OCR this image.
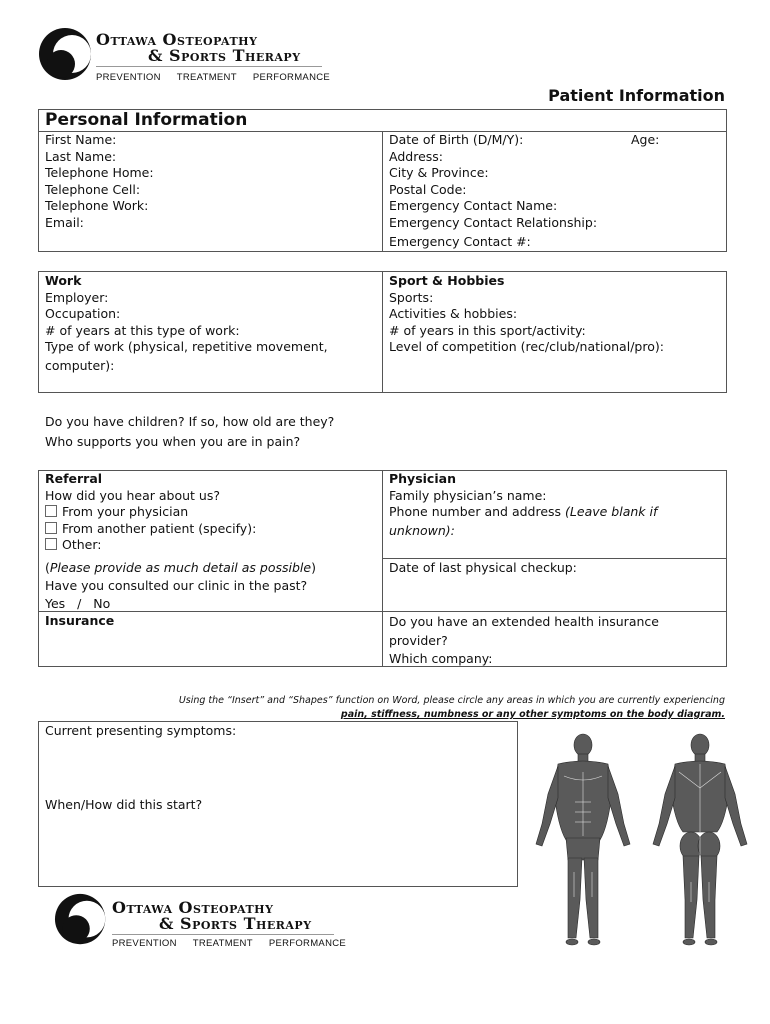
Ottawa Osteopathy
& Sports Therapy
PREVENTION TREATMENT PERFORMANCE
Patient Information
Personal Information
First Name:
Last Name:
Telephone Home:
Telephone Cell:
Telephone Work:
Email:
Date of Birth (D/M/Y):
Address:
City & Province:
Postal Code:
Emergency Contact Name:
Emergency Contact Relationship:
Emergency Contact #:
Age:
Work
Employer:
Occupation:
# of years at this type of work:
Type of work (physical, repetitive movement,
computer):
Sport & Hobbies
Sports:
Activities & hobbies:
# of years in this sport/activity:
Level of competition (rec/club/national/pro):
Do you have children? If so, how old are they?
Who supports you when you are in pain?
Referral
How did you hear about us?
From your physician
From another patient (specify):
Other:
(Please provide as much detail as possible)
Have you consulted our clinic in the past?
Yes   /   No
Insurance
Physician
Family physician’s name:
Phone number and address (Leave blank if
unknown):
Date of last physical checkup:
Do you have an extended health insurance
provider?
Which company:
Using the “Insert” and “Shapes” function on Word, please circle any areas in which you are currently experiencing
pain, stiffness, numbness or any other symptoms on the body diagram.
Current presenting symptoms:
When/How did this start?
Ottawa Osteopathy
& Sports Therapy
PREVENTION TREATMENT PERFORMANCE
